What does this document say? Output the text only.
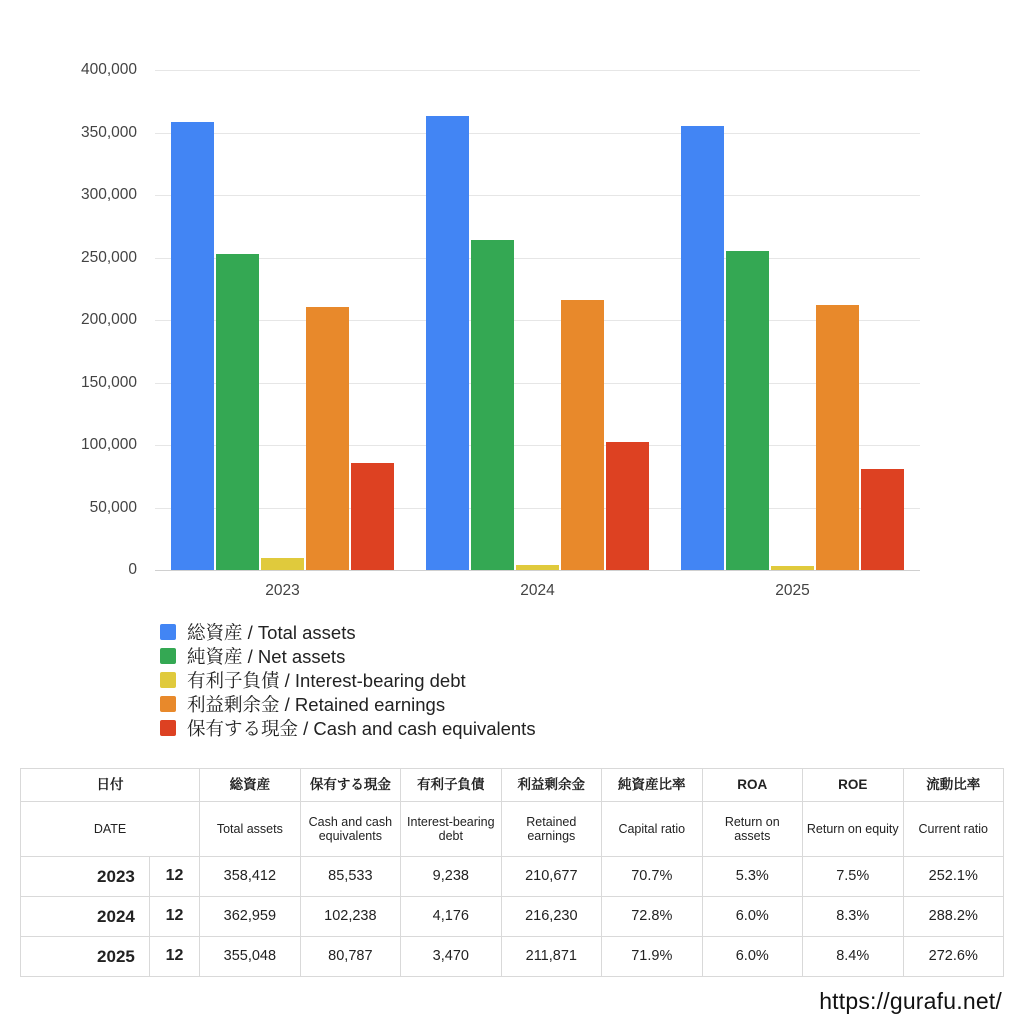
0
50,000
100,000
150,000
200,000
250,000
300,000
350,000
400,000
2023	2024	2025
総資産 / Total assets
純資産 / Net assets
有利子負債 / Interest-bearing debt
利益剰余金 / Retained earnings
保有する現金 / Cash and cash equivalents
日付		総資産	保有する現金	有利子負債	利益剰余金	純資産比率	ROA	ROE	流動比率
DATE		Total assets	Cash and cash equivalents	Interest-bearing debt	Retained earnings	Capital ratio	Return on assets	Return on equity	Current ratio
2023	12	358,412	85,533	9,238	210,677	70.7%	5.3%	7.5%	252.1%
2024	12	362,959	102,238	4,176	216,230	72.8%	6.0%	8.3%	288.2%
2025	12	355,048	80,787	3,470	211,871	71.9%	6.0%	8.4%	272.6%
https://gurafu.net/
